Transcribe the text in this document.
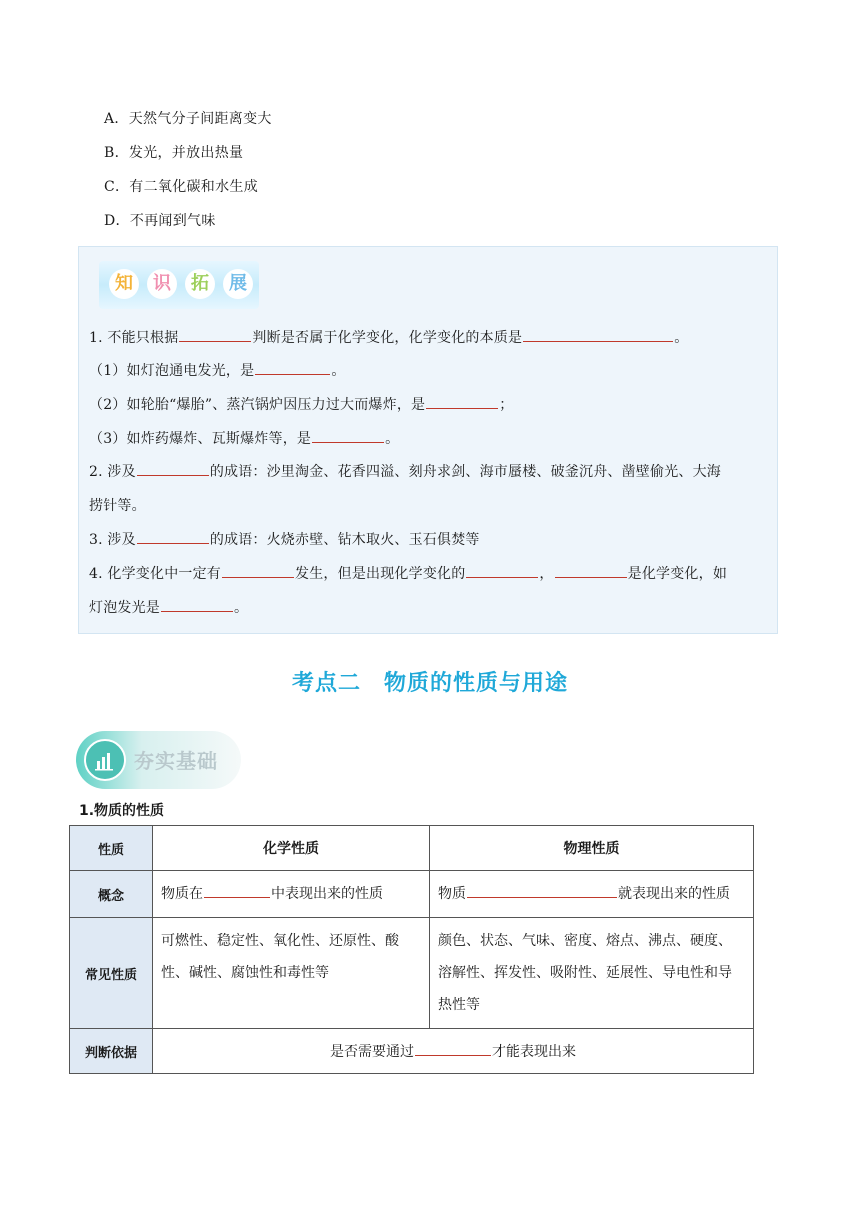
A．天然气分子间距离变大
B．发光，并放出热量
C．有二氧化碳和水生成
D．不再闻到气味
知	识	拓	展
1. 不能只根据	判断是否属于化学变化，化学变化的本质是	。
（1）如灯泡通电发光，是	。
（2）如轮胎“爆胎”、蒸汽锅炉因压力过大而爆炸，是	；
（3）如炸药爆炸、瓦斯爆炸等，是	。
2. 涉及	的成语：沙里淘金、花香四溢、刻舟求剑、海市蜃楼、破釜沉舟、凿壁偷光、大海
捞针等。
3. 涉及	的成语：火烧赤壁、钻木取火、玉石俱焚等
4. 化学变化中一定有	发生，但是出现化学变化的	，	是化学变化，如
灯泡发光是	。
考点二　物质的性质与用途
夯实基础
1.物质的性质
性质	化学性质	物理性质
概念	物质在 中表现出来的性质	物质 就表现出来的性质
常见性质	可燃性、稳定性、氧化性、还原性、酸性、碱性、腐蚀性和毒性等	颜色、状态、气味、密度、熔点、沸点、硬度、溶解性、挥发性、吸附性、延展性、导电性和导热性等
判断依据	是否需要通过 才能表现出来	
